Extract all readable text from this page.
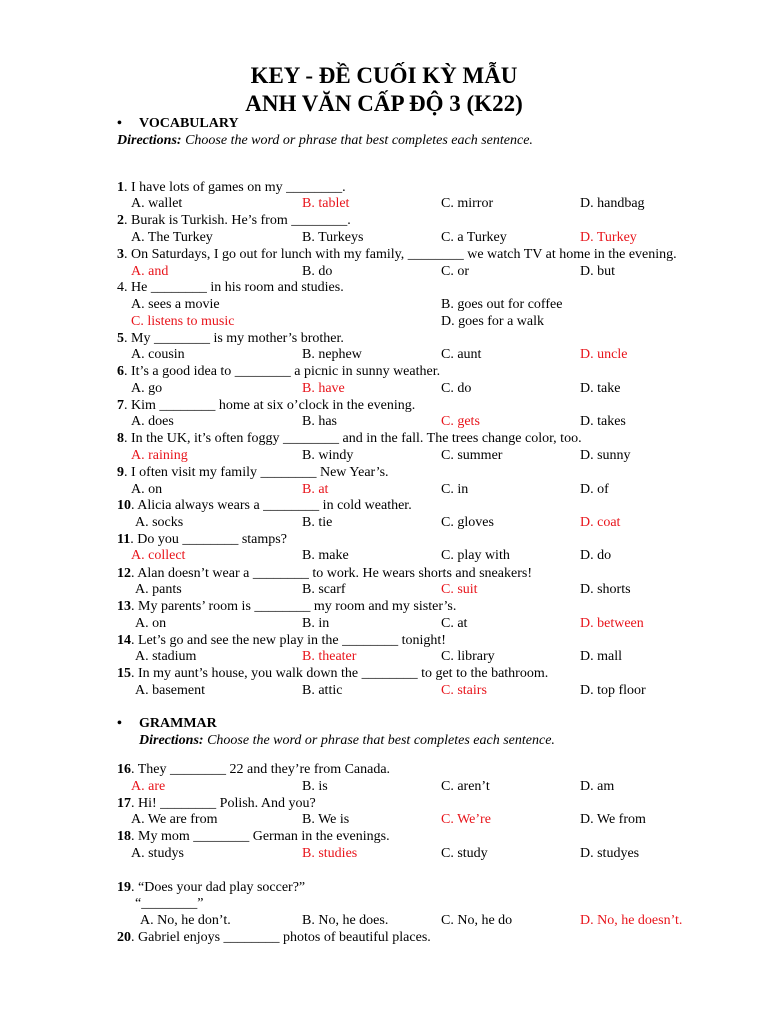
KEY - ĐỀ CUỐI KỲ MẪU
ANH VĂN CẤP ĐỘ 3 (K22)
• VOCABULARY
Directions: Choose the word or phrase that best completes each sentence.
1. I have lots of games on my ________.
A. wallet	B. tablet	C. mirror	D. handbag
2. Burak is Turkish. He’s from ________.
A. The Turkey	B. Turkeys	C. a Turkey	D. Turkey
3. On Saturdays, I go out for lunch with my family, ________ we watch TV at home in the evening.
A. and	B. do	C. or	D. but
4. He ________ in his room and studies.
A. sees a movie	B. goes out for coffee
C. listens to music	D. goes for a walk
5. My ________ is my mother’s brother.
A. cousin	B. nephew	C. aunt	D. uncle
6. It’s a good idea to ________ a picnic in sunny weather.
A. go	B. have	C. do	D. take
7. Kim ________ home at six o’clock in the evening.
A. does	B. has	C. gets	D. takes
8. In the UK, it’s often foggy ________ and in the fall. The trees change color, too.
A. raining	B. windy	C. summer	D. sunny
9. I often visit my family ________ New Year’s.
A. on	B. at	C. in	D. of
10. Alicia always wears a ________ in cold weather.
A. socks	B. tie	C. gloves	D. coat
11. Do you ________ stamps?
A. collect	B. make	C. play with	D. do
12. Alan doesn’t wear a ________ to work. He wears shorts and sneakers!
A. pants	B. scarf	C. suit	D. shorts
13. My parents’ room is ________ my room and my sister’s.
A. on	B. in	C. at	D. between
14. Let’s go and see the new play in the ________ tonight!
A. stadium	B. theater	C. library	D. mall
15. In my aunt’s house, you walk down the ________ to get to the bathroom.
A. basement	B. attic	C. stairs	D. top floor
• GRAMMAR
Directions: Choose the word or phrase that best completes each sentence.
16. They ________ 22 and they’re from Canada.
A. are	B. is	C. aren’t	D. am
17. Hi! ________ Polish. And you?
A. We are from	B. We is	C. We’re	D. We from
18. My mom ________ German in the evenings.
A. studys	B. studies	C. study	D. studyes
19. “Does your dad play soccer?”
A. No, he don’t.	B. No, he does.	C. No, he do	D. No, he doesn’t.
“________”
20. Gabriel enjoys ________ photos of beautiful places.
